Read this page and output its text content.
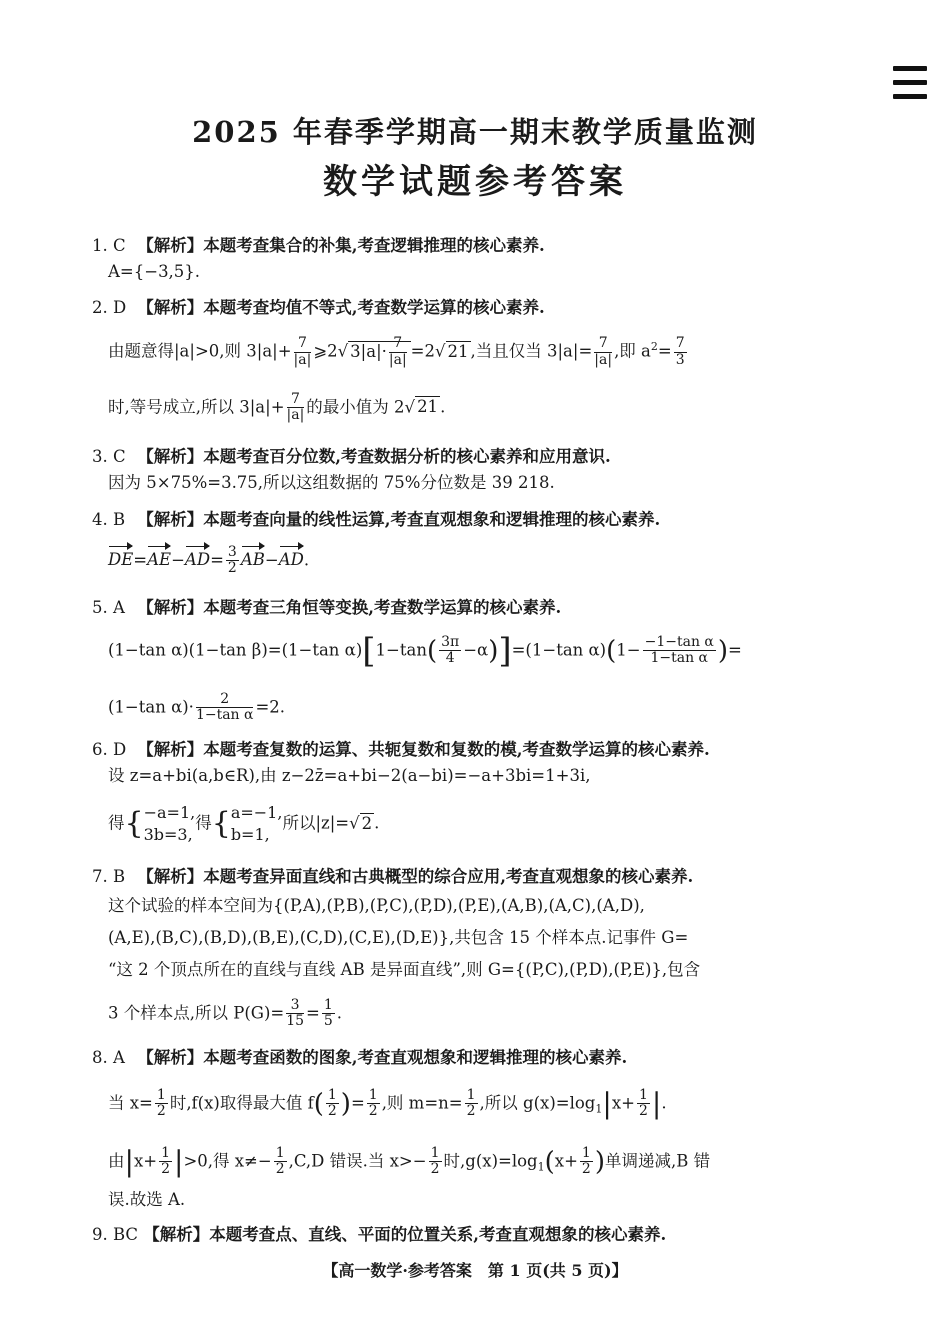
2025 年春季学期高一期末教学质量监测
数学试题参考答案
1. C 【解析】本题考查集合的补集,考查逻辑推理的核心素养.
A={−3,5}.
2. D 【解析】本题考查均值不等式,考查数学运算的核心素养.
由题意得|a|>0,则 $3|a|+ \frac{7}{|a|}$ ⩾2√ $3|a|\cdot \frac{7}{|a|} =2√$ 21 ,当且仅当 $3|a|= \frac{7}{|a|}$ ,即 $a^2= \frac{7}{3}$
时,等号成立,所以 $3|a|+ \frac{7}{|a|}$ 的最小值为 2√ 21 .
3. C 【解析】本题考查百分位数,考查数据分析的核心素养和应用意识.
因为 5×75%=3.75,所以这组数据的 75%分位数是 39 218.
4. B 【解析】本题考查向量的线性运算,考查直观想象和逻辑推理的核心素养.
$DE=AE-AD= \frac{3}{2} AB-AD$.
5. A 【解析】本题考查三角恒等变换,考查数学运算的核心素养.
(1−tan α)(1−tan β)=(1−tan $\alpha)[1-\tan( \frac{3\pi}{4} -\alpha)]=(1-\tan$ $\alpha)(1- \frac{\text{−1−tan α}}{\text{1−tan α}}$ )=
(1−tan $\alpha)\cdot \frac{2}{\text{1−tan α}} =2$.
6. D 【解析】本题考查复数的运算、共轭复数和复数的模,考查数学运算的核心素养.
设 z=a+bi(a,b∈R),由 z−2z̄=a+bi−2(a−bi)=−a+3bi=1+3i,
得{ −a=1,
3b=3,
得{ a=−1,
b=1,
所以|z|=√ 2 .
7. B 【解析】本题考查异面直线和古典概型的综合应用,考查直观想象的核心素养.
这个试验的样本空间为{(P,A),(P,B),(P,C),(P,D),(P,E),(A,B),(A,C),(A,D),
(A,E),(B,C),(B,D),(B,E),(C,D),(C,E),(D,E)},共包含 15 个样本点.记事件 G=
“这 2 个顶点所在的直线与直线 AB 是异面直线”,则 G={(P,C),(P,D),(P,E)},包含
3 个样本点,所以 $P(G)= \frac{3}{15} = \frac{1}{5}$ .
8. A 【解析】本题考查函数的图象,考查直观想象和逻辑推理的核心素养.
当 $x= \frac{1}{2}$ 时,f(x)取得最大值 $f( \frac{1}{2}$ )= $\frac{1}{2}$ ,则 $m=n= \frac{1}{2}$ ,所以 $g(x)=\log_1|x+ \frac{1}{2}$ |.
由$|x+ \frac{1}{2} |>0$,得 $x\ne- \frac{1}{2} ,C,D$ 错误.当 $x>- \frac{1}{2}$ 时$,g(x)=\log_1(x+ \frac{1}{2}$ )单调递减,B 错
误.故选 A.
9. BC 【解析】本题考查点、直线、平面的位置关系,考查直观想象的核心素养.
【高一数学·参考答案　第 1 页(共 5 页)】
